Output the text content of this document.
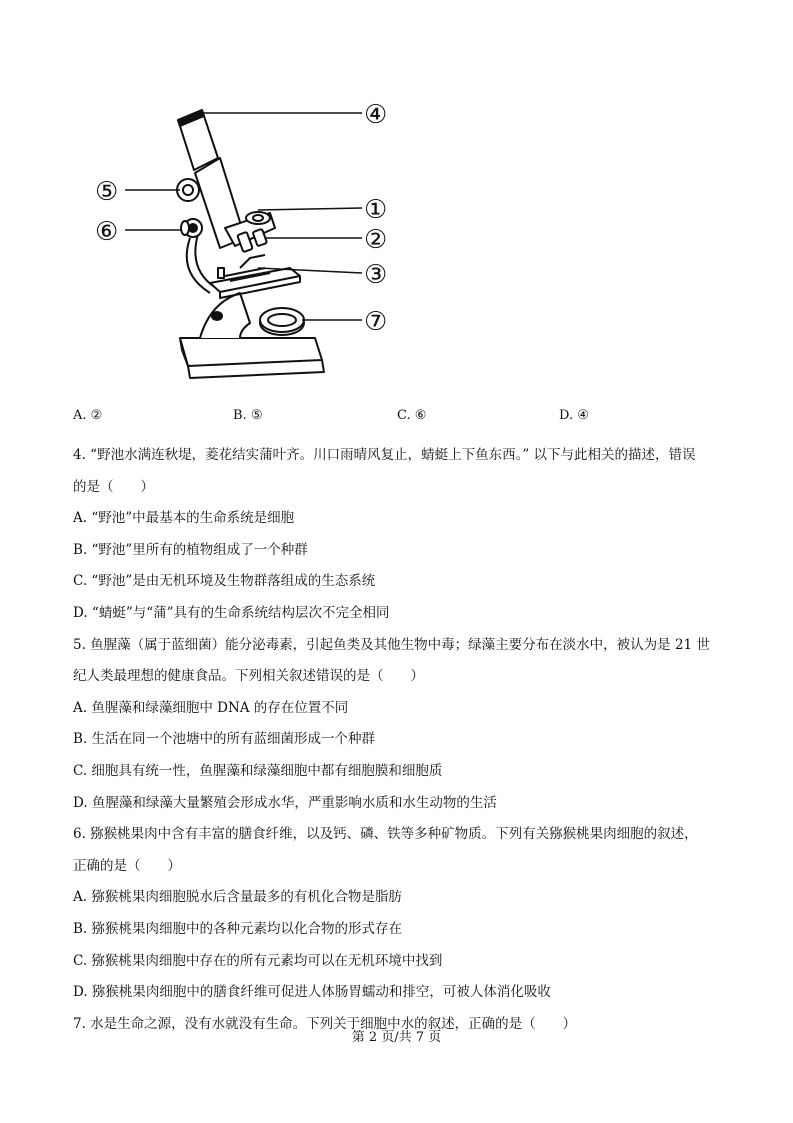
④
⑤
①
⑥	②
③
⑦
A. ②	B. ⑤	C. ⑥	D. ④

4. “野池水满连秋堤，菱花结实蒲叶齐。川口雨晴风复止，蜻蜓上下鱼东西。” 以下与此相关的描述，错误

的是（　　）

A. “野池”中最基本的生命系统是细胞

B. “野池”里所有的植物组成了一个种群

C. “野池”是由无机环境及生物群落组成的生态系统

D. “蜻蜓”与“蒲”具有的生命系统结构层次不完全相同

5. 鱼腥藻（属于蓝细菌）能分泌毒素，引起鱼类及其他生物中毒；绿藻主要分布在淡水中，被认为是 21 世

纪人类最理想的健康食品。下列相关叙述错误的是（　　）

A. 鱼腥藻和绿藻细胞中 DNA 的存在位置不同

B. 生活在同一个池塘中的所有蓝细菌形成一个种群

C. 细胞具有统一性，鱼腥藻和绿藻细胞中都有细胞膜和细胞质

D. 鱼腥藻和绿藻大量繁殖会形成水华，严重影响水质和水生动物的生活

6. 猕猴桃果肉中含有丰富的膳食纤维，以及钙、磷、铁等多种矿物质。下列有关猕猴桃果肉细胞的叙述，

正确的是（　　）

A. 猕猴桃果肉细胞脱水后含量最多的有机化合物是脂肪

B. 猕猴桃果肉细胞中的各种元素均以化合物的形式存在

C. 猕猴桃果肉细胞中存在的所有元素均可以在无机环境中找到

D. 猕猴桃果肉细胞中的膳食纤维可促进人体肠胃蠕动和排空，可被人体消化吸收

7. 水是生命之源，没有水就没有生命。下列关于细胞中水的叙述，正确的是（　　）

第 2 页/共 7 页
